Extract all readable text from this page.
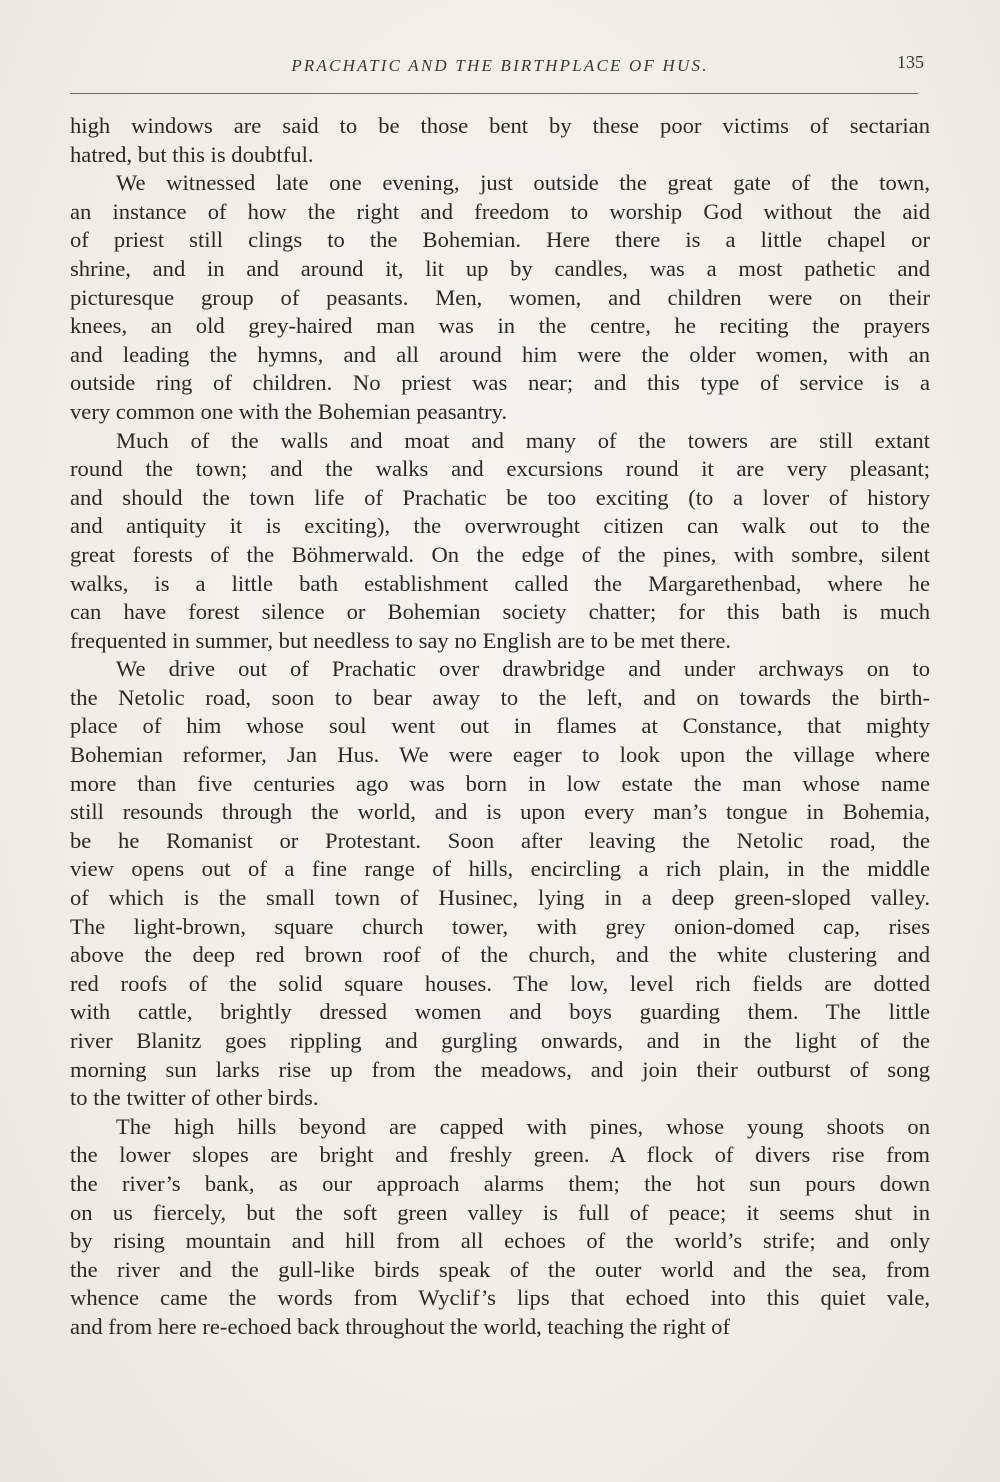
PRACHATIC AND THE BIRTHPLACE OF HUS.	135
high windows are said to be those bent by these poor victims of sectarian
hatred, but this is doubtful.
We witnessed late one evening, just outside the great gate of the town,
an instance of how the right and freedom to worship God without the aid
of priest still clings to the Bohemian. Here there is a little chapel or
shrine, and in and around it, lit up by candles, was a most pathetic and
picturesque group of peasants. Men, women, and children were on their
knees, an old grey-haired man was in the centre, he reciting the prayers
and leading the hymns, and all around him were the older women, with an
outside ring of children. No priest was near; and this type of service is a
very common one with the Bohemian peasantry.
Much of the walls and moat and many of the towers are still extant
round the town; and the walks and excursions round it are very pleasant;
and should the town life of Prachatic be too exciting (to a lover of history
and antiquity it is exciting), the overwrought citizen can walk out to the
great forests of the Böhmerwald. On the edge of the pines, with sombre, silent
walks, is a little bath establishment called the Margarethenbad, where he
can have forest silence or Bohemian society chatter; for this bath is much
frequented in summer, but needless to say no English are to be met there.
We drive out of Prachatic over drawbridge and under archways on to
the Netolic road, soon to bear away to the left, and on towards the birth-
place of him whose soul went out in flames at Constance, that mighty
Bohemian reformer, Jan Hus. We were eager to look upon the village where
more than five centuries ago was born in low estate the man whose name
still resounds through the world, and is upon every man’s tongue in Bohemia,
be he Romanist or Protestant. Soon after leaving the Netolic road, the
view opens out of a fine range of hills, encircling a rich plain, in the middle
of which is the small town of Husinec, lying in a deep green-sloped valley.
The light-brown, square church tower, with grey onion-domed cap, rises
above the deep red brown roof of the church, and the white clustering and
red roofs of the solid square houses. The low, level rich fields are dotted
with cattle, brightly dressed women and boys guarding them. The little
river Blanitz goes rippling and gurgling onwards, and in the light of the
morning sun larks rise up from the meadows, and join their outburst of song
to the twitter of other birds.
The high hills beyond are capped with pines, whose young shoots on
the lower slopes are bright and freshly green. A flock of divers rise from
the river’s bank, as our approach alarms them; the hot sun pours down
on us fiercely, but the soft green valley is full of peace; it seems shut in
by rising mountain and hill from all echoes of the world’s strife; and only
the river and the gull-like birds speak of the outer world and the sea, from
whence came the words from Wyclif’s lips that echoed into this quiet vale,
and from here re-echoed back throughout the world, teaching the right of
